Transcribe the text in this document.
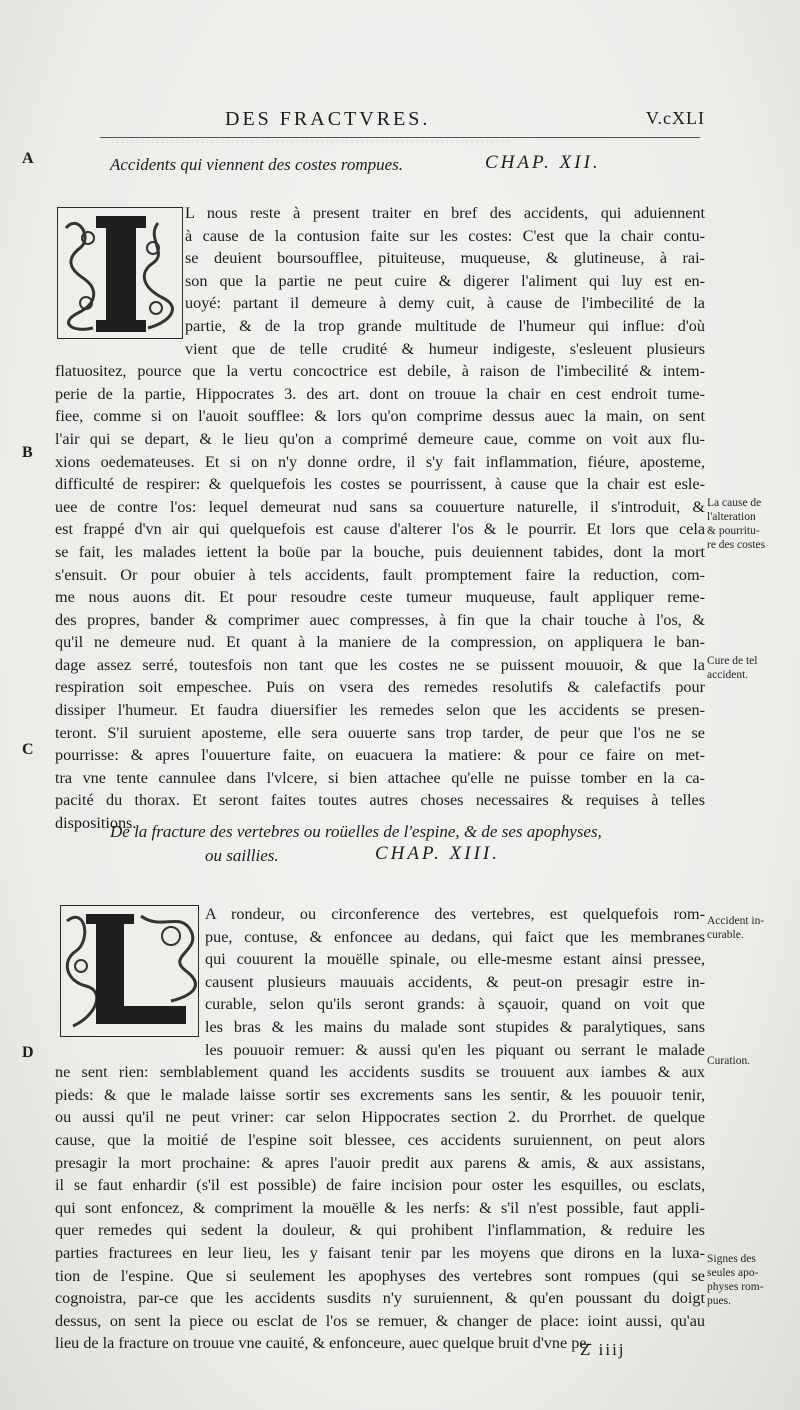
················································································
DES FRACTVRES.	V.cXLI
A
B
C
D
Accidents qui viennent des costes rompues.	CHAP. XII.
L nous reste à present traiter en bref des accidents, qui aduiennent
à cause de la contusion faite sur les costes: C'est que la chair contu-
se deuient boursoufflee, pituiteuse, muqueuse, & glutineuse, à rai-
son que la partie ne peut cuire & digerer l'aliment qui luy est en-
uoyé: partant il demeure à demy cuit, à cause de l'imbecilité de la
partie, & de la trop grande multitude de l'humeur qui influe: d'où
vient que de telle crudité & humeur indigeste, s'esleuent plusieurs
flatuositez, pource que la vertu concoctrice est debile, à raison de l'imbecilité & intem-
perie de la partie, Hippocrates 3. des art. dont on trouue la chair en cest endroit tume-
fiee, comme si on l'auoit soufflee: & lors qu'on comprime dessus auec la main, on sent
l'air qui se depart, & le lieu qu'on a comprimé demeure caue, comme on voit aux flu-
xions oedemateuses. Et si on n'y donne ordre, il s'y fait inflammation, fiéure, aposteme,
difficulté de respirer: & quelquefois les costes se pourrissent, à cause que la chair est esle-
uee de contre l'os: lequel demeurat nud sans sa couuerture naturelle, il s'introduit, &
est frappé d'vn air qui quelquefois est cause d'alterer l'os & le pourrir. Et lors que cela
se fait, les malades iettent la boüe par la bouche, puis deuiennent tabides, dont la mort
s'ensuit. Or pour obuier à tels accidents, fault promptement faire la reduction, com-
me nous auons dit. Et pour resoudre ceste tumeur muqueuse, fault appliquer reme-
des propres, bander & comprimer auec compresses, à fin que la chair touche à l'os, &
qu'il ne demeure nud. Et quant à la maniere de la compression, on appliquera le ban-
dage assez serré, toutesfois non tant que les costes ne se puissent mouuoir, & que la
respiration soit empeschee. Puis on vsera des remedes resolutifs & calefactifs pour
dissiper l'humeur. Et faudra diuersifier les remedes selon que les accidents se presen-
teront. S'il suruient aposteme, elle sera ouuerte sans trop tarder, de peur que l'os ne se
pourrisse: & apres l'ouuerture faite, on euacuera la matiere: & pour ce faire on met-
tra vne tente cannulee dans l'vlcere, si bien attachee qu'elle ne puisse tomber en la ca-
pacité du thorax. Et seront faites toutes autres choses necessaires & requises à telles
dispositions.
De la fracture des vertebres ou roüelles de l'espine, & de ses apophyses,
ou saillies.	CHAP. XIII.
A rondeur, ou circonference des vertebres, est quelquefois rom-
pue, contuse, & enfoncee au dedans, qui faict que les membranes
qui couurent la mouëlle spinale, ou elle-mesme estant ainsi pressee,
causent plusieurs mauuais accidents, & peut-on presagir estre in-
curable, selon qu'ils seront grands: à sçauoir, quand on voit que
les bras & les mains du malade sont stupides & paralytiques, sans
les pouuoir remuer: & aussi qu'en les piquant ou serrant le malade
ne sent rien: semblablement quand les accidents susdits se trouuent aux iambes & aux
pieds: & que le malade laisse sortir ses excrements sans les sentir, & les pouuoir tenir,
ou aussi qu'il ne peut vriner: car selon Hippocrates section 2. du Prorrhet. de quelque
cause, que la moitié de l'espine soit blessee, ces accidents suruiennent, on peut alors
presagir la mort prochaine: & apres l'auoir predit aux parens & amis, & aux assistans,
il se faut enhardir (s'il est possible) de faire incision pour oster les esquilles, ou esclats,
qui sont enfoncez, & compriment la mouëlle & les nerfs: & s'il n'est possible, faut appli-
quer remedes qui sedent la douleur, & qui prohibent l'inflammation, & reduire les
parties fracturees en leur lieu, les y faisant tenir par les moyens que dirons en la luxa-
tion de l'espine. Que si seulement les apophyses des vertebres sont rompues (qui se
cognoistra, par-ce que les accidents susdits n'y suruiennent, & qu'en poussant du doigt
dessus, on sent la piece ou esclat de l'os se remuer, & changer de place: ioint aussi, qu'au
lieu de la fracture on trouue vne cauité, & enfonceure, auec quelque bruit d'vne pe-
La cause de
l'alteration
& pourritu-
re des costes
Cure de tel
accident.
Accident in-
curable.
Curation.
Signes des
seules apo-
physes rom-
pues.
Z iiij
